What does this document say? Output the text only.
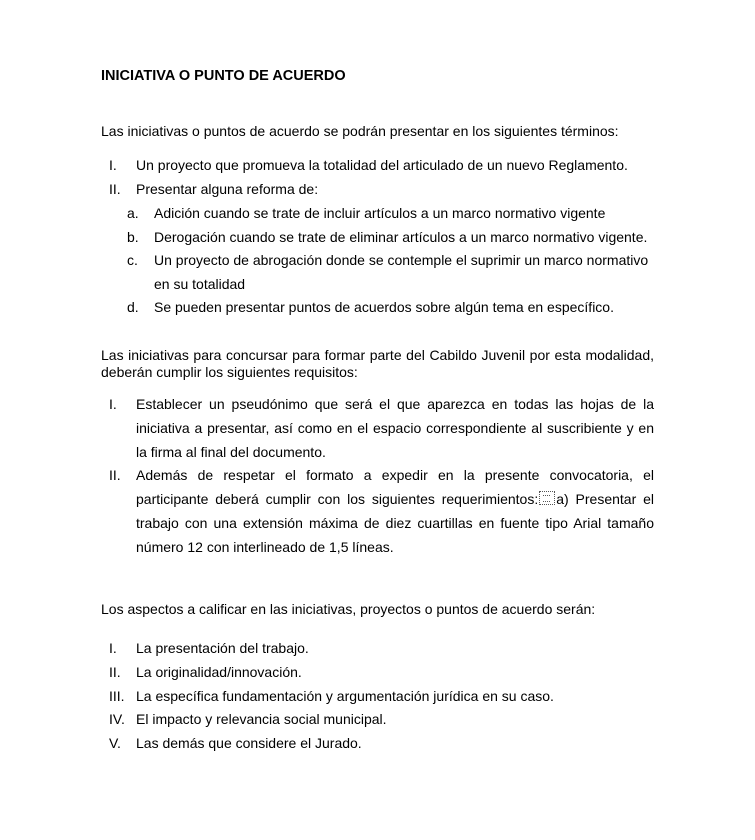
INICIATIVA O PUNTO DE ACUERDO
Las iniciativas o puntos de acuerdo se podrán presentar en los siguientes términos:
I.	Un proyecto que promueva la totalidad del articulado de un nuevo Reglamento.
II.	Presentar alguna reforma de:
a.	Adición cuando se trate de incluir artículos a un marco normativo vigente
b.	Derogación cuando se trate de eliminar artículos a un marco normativo vigente.
c.	Un proyecto de abrogación donde se contemple el suprimir un marco normativo
en su totalidad
d.	Se pueden presentar puntos de acuerdos sobre algún tema en específico.
Las iniciativas para concursar para formar parte del Cabildo Juvenil por esta modalidad, deberán cumplir los siguientes requisitos:
I. Establecer un pseudónimo que será el que aparezca en todas las hojas de la iniciativa a presentar, así como en el espacio correspondiente al suscribiente y en la firma al final del documento.
II. Además de respetar el formato a expedir en la presente convocatoria, el participante deberá cumplir con los siguientes requerimientos: a) Presentar el trabajo con una extensión máxima de diez cuartillas en fuente tipo Arial tamaño número 12 con interlineado de 1,5 líneas.
Los aspectos a calificar en las iniciativas, proyectos o puntos de acuerdo serán:
I.	La presentación del trabajo.
II.	La originalidad/innovación.
III. La específica fundamentación y argumentación jurídica en su caso.
IV. El impacto y relevancia social municipal.
V.	Las demás que considere el Jurado.
